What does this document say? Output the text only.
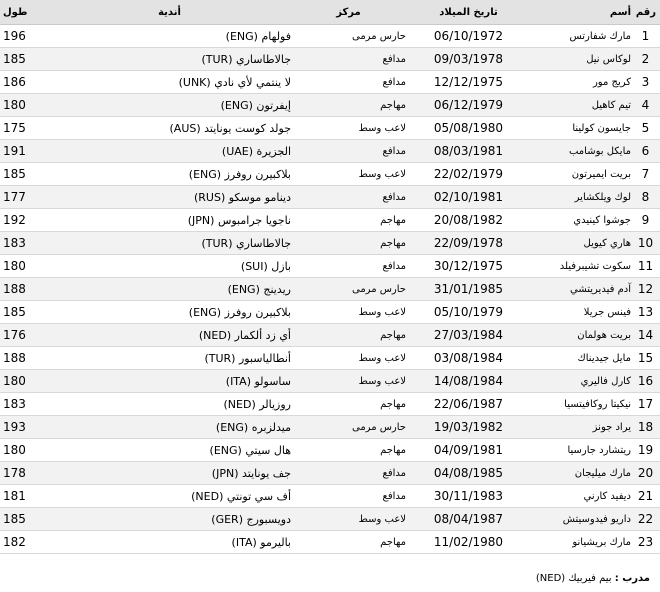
رقم	أسم	تاريخ الميلاد	مركز	أندية	طول
1	مارك شفارتس	06/10/1972	حارس مرمى	فولهام (ENG)	196
2	لوكاس نيل	09/03/1978	مدافع	جالاطاساري (TUR)	185
3	كريج مور	12/12/1975	مدافع	لا ينتمي لأي نادي (UNK)	186
4	تيم كاهيل	06/12/1979	مهاجم	إيفرتون (ENG)	180
5	جايسون كولينا	05/08/1980	لاعب وسط	جولد كوست يونايتد (AUS)	175
6	مايكل بوشامب	08/03/1981	مدافع	الجزيرة (UAE)	191
7	بريت ايميرتون	22/02/1979	لاعب وسط	بلاكبيرن روفرز (ENG)	185
8	لوك ويلكشاير	02/10/1981	مدافع	دينامو موسكو (RUS)	177
9	جوشوا كينيدي	20/08/1982	مهاجم	ناجويا جرامبوس (JPN)	192
10	هاري كيويل	22/09/1978	مهاجم	جالاطاساري (TUR)	183
11	سكوت تشيبرفيلد	30/12/1975	مدافع	بازل (SUI)	180
12	آدم فيديريتشي	31/01/1985	حارس مرمى	ريدينج (ENG)	188
13	فينس جريلا	05/10/1979	لاعب وسط	بلاكبيرن روفرز (ENG)	185
14	بريت هولمان	27/03/1984	مهاجم	أي زد ألكمار (NED)	176
15	مايل جيديناك	03/08/1984	لاعب وسط	أنطالياسبور (TUR)	188
16	كارل فاليري	14/08/1984	لاعب وسط	ساسولو (ITA)	180
17	نيكيتا روكافيتسيا	22/06/1987	مهاجم	روزيالر (NED)	183
18	يراد جونز	19/03/1982	حارس مرمى	ميدلزبره (ENG)	193
19	ريتشارد جارسيا	04/09/1981	مهاجم	هال سيتي (ENG)	180
20	مارك ميليجان	04/08/1985	مدافع	جف يونايتد (JPN)	178
21	ديفيد كارني	30/11/1983	مدافع	أف سي تونتي (NED)	181
22	داريو فيدوسيتش	08/04/1987	لاعب وسط	دويسبورج (GER)	185
23	مارك بريشيانو	11/02/1980	مهاجم	باليرمو (ITA)	182
مدرب : بيم فيربيك (NED)
